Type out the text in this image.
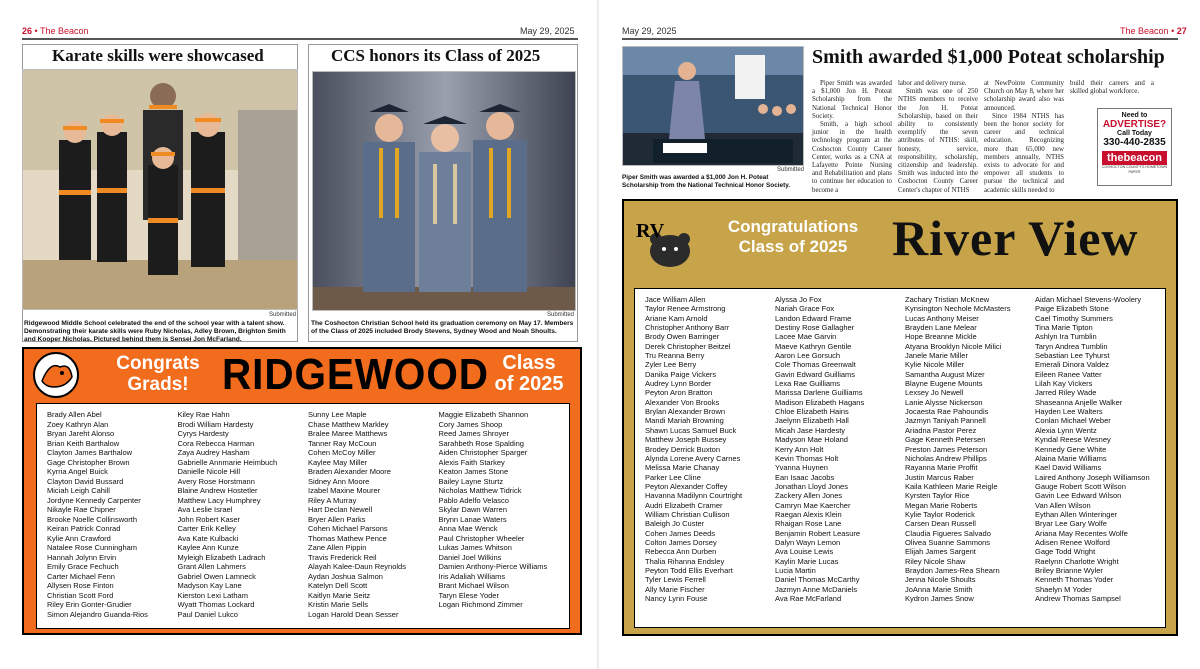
26 • The Beacon	May 29, 2025
Karate skills were showcased
Submitted
Ridgewood Middle School celebrated the end of the school year with a talent show. Demonstrating their karate skills were Ruby Nicholas, Adley Brown, Brighton Smith and Kooper Nicholas. Pictured behind them is Sensei Jon McFarland.
CCS honors its Class of 2025
Submitted
The Coshocton Christian School held its graduation ceremony on May 17. Members of the Class of 2025 included Brody Stevens, Sydney Wood and Noah Shoults.
Congrats
Grads! RIDGEWOOD Class
of 2025
Brady Allen Abel
Zoey Kathryn Alan
Bryan Jareht Alonso
Brian Keith Barthalow
Clayton James Barthalow
Gage Christopher Brown
Kyrria Angel Buick
Clayton David Bussard
Miciah Leigh Cahill
Jordyne Kennedy Carpenter
Nikayle Rae Chipner
Brooke Noelle Collinsworth
Keiran Patrick Conrad
Kylie Ann Crawford
Natalee Rose Cunningham
Hannah Jolynn Ervin
Emily Grace Fechuch
Carter Michael Fenn
Allysen Rose Finton
Christian Scott Ford
Riley Erin Gonter-Grudier
Simon Alejandro Guanda-Rios
Kiley Rae Hahn
Brodi William Hardesty
Cyrys Hardesty
Cora Rebecca Harman
Zaya Audrey Hasham
Gabrielle Annmarie Heimbuch
Danielle Nicole Hill
Avery Rose Horstmann
Blaine Andrew Hostetler
Matthew Lacy Humphrey
Ava Leslie Israel
John Robert Kaser
Carter Erik Kelley
Ava Kate Kulbacki
Kaylee Ann Kunze
Myleigh Elizabeth Ladrach
Grant Allen Lahmers
Gabriel Owen Lamneck
Madyson Kay Lane
Kierston Lexi Latham
Wyatt Thomas Lockard
Paul Daniel Lukco
Sunny Lee Maple
Chase Matthew Markley
Bralee Maree Matthews
Tanner Ray McCoun
Cohen McCoy Miller
Kaylee May Miller
Braden Alexander Moore
Sidney Ann Moore
Izabel Maxine Mourer
Riley A Murray
Hart Declan Newell
Bryer Allen Parks
Cohen Michael Parsons
Thomas Mathew Pence
Zane Allen Pippin
Travis Frederick Reil
Alayah Kalee-Daun Reynolds
Aydan Joshua Salmon
Katelyn Dell Scott
Kaitlyn Marie Seitz
Kristin Marie Sells
Logan Harold Dean Sesser
Maggie Elizabeth Shannon
Cory James Shoop
Reed James Shroyer
Sarahbeth Rose Spalding
Aiden Christopher Sparger
Alexis Faith Starkey
Keaton James Stone
Bailey Layne Sturtz
Nicholas Matthew Tidrick
Pablo Adelfo Velasco
Skylar Dawn Warren
Brynn Lanae Waters
Anna Mae Wenck
Paul Christopher Wheeler
Lukas James Whitson
Daniel Joel Wilkins
Damien Anthony-Pierce Williams
Iris Adaliah Williams
Brant Michael Wilson
Taryn Elese Yoder
Logan Richmond Zimmer
May 29, 2025	The Beacon • 27
Submitted
Piper Smith was awarded a $1,000 Jon H. Poteat Scholarship from the National Technical Honor Society.
Smith awarded $1,000 Poteat scholarship

Piper Smith was awarded a $1,000 Jon H. Poteat Scholarship from the National Technical Honor Society.

Smith, a high school junior in the health technology program at the Coshocton County Career Center, works as a CNA at Lafayette Pointe Nursing and Rehabilitation and plans to continue her education to become a

labor and delivery nurse.

Smith was one of 250 NTHS members to receive the Jon H. Poteat Scholarship, based on their ability to consistently exemplify the seven attributes of NTHS: skill, honesty, service, responsibility, scholarship, citizenship and leadership. Smith was inducted into the Coshocton County Career Center's chapter of NTHS

at NewPointe Community Church on May 8, where her scholarship award also was announced.

Since 1984 NTHS has been the honor society for career and technical education. Recognizing more than 65,000 new members annually, NTHS exists to advocate for and empower all students to pursue the technical and academic skills needed to

build their careers and a skilled global workforce.

Need to
ADVERTISE?
Call Today
330-440-2835
thebeacon
COSHOCTON COUNTY'S HOMETOWN PAPER
RV	Congratulations
Class of 2025 River View
Jace William Allen
Taylor Renee Armstrong
Ariane Kam Arnold
Christopher Anthony Barr
Brody Owen Barringer
Derek Christopher Beitzel
Tru Reanna Berry
Zyler Lee Berry
Danika Paige Vickers
Audrey Lynn Border
Peyton Aron Bratton
Alexander Von Brooks
Brylan Alexander Brown
Mandi Mariah Browning
Shawn Lucas Samuel Buck
Matthew Joseph Bussey
Brodey Derrick Buxton
Alynda Lorene Avery Carnes
Melissa Marie Chanay
Parker Lee Cline
Peyton Alexander Coffey
Havanna Madilynn Courtright
Audri Elizabeth Cramer
William Christian Cullison
Baleigh Jo Custer
Cohen James Deeds
Colton James Dorsey
Rebecca Ann Durben
Thalia Rihanna Endsley
Peyton Todd Ellis Everhart
Tyler Lewis Ferrell
Ally Marie Fischer
Nancy Lynn Fouse
Alyssa Jo Fox
Nariah Grace Fox
Landon Edward Frame
Destiny Rose Gallagher
Lacee Mae Garvin
Maeve Kathryn Gentile
Aaron Lee Gorsuch
Cole Thomas Greenwalt
Gavin Edward Guilliams
Lexa Rae Guilliams
Marissa Darlene Guilliams
Madison Elizabeth Hagans
Chloe Elizabeth Hains
Jaelynn Elizabeth Hall
Micah Jase Hardesty
Madyson Mae Holand
Kerry Ann Holt
Kevin Thomas Holt
Yvanna Huynen
Ean Isaac Jacobs
Jonathan Lloyd Jones
Zackery Allen Jones
Camryn Mae Kaercher
Raegan Alexis Klein
Rhaigan Rose Lane
Benjamin Robert Leasure
Dalyn Wayn Lemon
Ava Louise Lewis
Kaylin Marie Lucas
Lucia Martin
Daniel Thomas McCarthy
Jazmyn Anne McDaniels
Ava Rae McFarland
Zachary Tristian McKnew
Kynsington Nechole McMasters
Lucas Anthony Meiser
Brayden Lane Melear
Hope Breanne Mickle
Atyana Brooklyn Nicole Milici
Janele Marie Miller
Kylie Nicole Miller
Samantha August Mizer
Blayne Eugene Mounts
Lexsey Jo Newell
Lanie Alysse Nickerson
Jocaesta Rae Pahoundis
Jazmyn Taniyah Pannell
Ariadna Pastor Perez
Gage Kenneth Petersen
Preston James Peterson
Nicholas Andrew Phillips
Rayanna Marie Proffit
Justin Marcus Raber
Kaila Kathleen Marie Reigle
Kyrsten Taylor Rice
Megan Marie Roberts
Kylie Taylor Roderick
Carsen Dean Russell
Claudia Figueres Salvado
Olivea Suanne Sammons
Elijah James Sargent
Riley Nicole Shaw
Braydon James-Rea Shearn
Jenna Nicole Shoults
JoAnna Marie Smith
Kydron James Snow
Aidan Michael Stevens-Woolery
Paige Elizabeth Stone
Cael Timothy Summers
Tina Marie Tipton
Ashlyn Ira Tumblin
Taryn Andrea Tumblin
Sebastian Lee Tyhurst
Emerali Dinora Valdez
Eileen Ranee Vatter
Lilah Kay Vickers
Jarred Riley Wade
Shaseanna Anjelle Walker
Hayden Lee Walters
Conlan Michael Weber
Alexia Lynn Wentz
Kyndal Reese Wesney
Kennedy Gene White
Alaina Marie Williams
Kael David Williams
Laired Anthony Joseph Williamson
Gauge Robert Scott Wilson
Gavin Lee Edward Wilson
Van Allen Wilson
Eythan Allen Winteringer
Bryar Lee Gary Wolfe
Ariana May Recentes Wolfe
Adisen Renee Wolford
Gage Todd Wright
Raelynn Charlotte Wright
Briley Brianne Wyler
Kenneth Thomas Yoder
Shaelyn M Yoder
Andrew Thomas Sampsel
